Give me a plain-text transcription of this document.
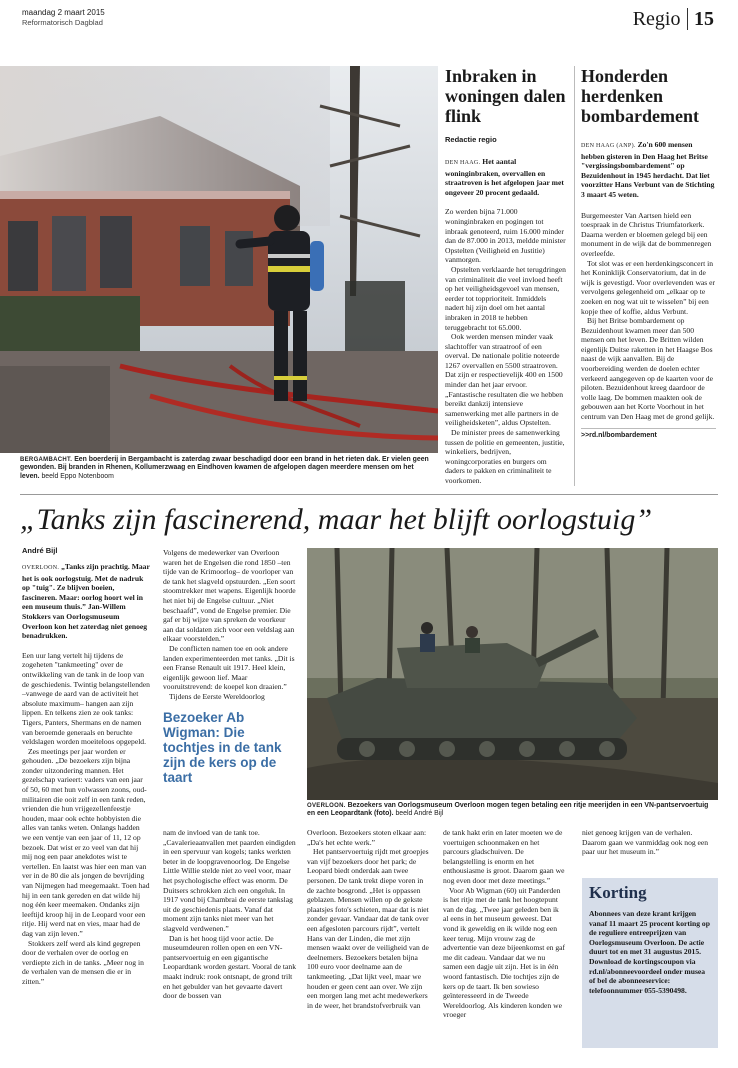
maandag 2 maart 2015
Reformatorisch Dagblad	Regio 15
BERGAMBACHT. Een boerderij in Bergambacht is zaterdag zwaar beschadigd door een brand in het rieten dak. Er vielen geen gewonden. Bij branden in Rhenen, Kollumerzwaag en Eindhoven kwamen de afgelopen dagen meerdere mensen om het leven. beeld Eppo Notenboom
Inbraken in woningen dalen flink
Redactie regio
DEN HAAG. Het aantal woninginbraken, overvallen en straatroven is het afgelopen jaar met ongeveer 20 procent gedaald.

Zo werden bijna 71.000 woninginbraken en pogingen tot inbraak genoteerd, ruim 16.000 minder dan de 87.000 in 2013, meldde minister Opstelten (Veiligheid en Justitie) vanmorgen.

Opstelten verklaarde het terugdringen van criminaliteit die veel invloed heeft op het veiligheidsgevoel van mensen, eerder tot topprioriteit. Inmiddels nadert hij zijn doel om het aantal inbraken in 2018 te hebben teruggebracht tot 65.000.

Ook werden mensen minder vaak slachtoffer van straatroof of een overval. De nationale politie noteerde 1267 overvallen en 5500 straatroven. Dat zijn er respectievelijk 400 en 1500 minder dan het jaar ervoor. „Fantastische resultaten die we hebben bereikt dankzij intensieve samenwerking met alle partners in de veiligheidsketen”, aldus Opstelten.

De minister prees de samenwerking tussen de politie en gemeenten, justitie, winkeliers, bedrijven, woningcorporaties en burgers om daders te pakken en criminaliteit te voorkomen.

Honderden herdenken bombardement
DEN HAAG (ANP). Zo'n 600 mensen hebben gisteren in Den Haag het Britse "vergissingsbombardement" op Bezuidenhout in 1945 herdacht. Dat liet voorzitter Hans Verbunt van de Stichting 3 maart 45 weten.

Burgemeester Van Aartsen hield een toespraak in de Christus Triumfatorkerk. Daarna werden er bloemen gelegd bij een monument in de wijk dat de bommenregen overleefde.

Tot slot was er een herdenkingsconcert in het Koninklijk Conservatorium, dat in de wijk is gevestigd. Voor overlevenden was er vervolgens gelegenheid om „elkaar op te zoeken en nog wat uit te wisselen” bij een kopje thee of koffie, aldus Verbunt.

Bij het Britse bombardement op Bezuidenhout kwamen meer dan 500 mensen om het leven. De Britten wilden eigenlijk Duitse raketten in het Haagse Bos naast de wijk aanvallen. Bij de voorbereiding werden de doelen echter verkeerd aangegeven op de kaarten voor de piloten. Bezuidenhout kreeg daardoor de volle laag. De bommen maakten ook de gebouwen aan het Korte Voorhout in het centrum van Den Haag met de grond gelijk.

>>rd.nl/bombardement
„Tanks zijn fascinerend, maar het blijft oorlogstuig”
André Bijl
OVERLOON. „Tanks zijn prachtig. Maar het is ook oorlogstuig. Met de nadruk op "tuig". Ze blijven boeien, fascineren. Maar: oorlog hoort wel in een museum thuis.” Jan-Willem Stokkers van Oorlogsmuseum Overloon kon het zaterdag niet genoeg benadrukken.

Een uur lang vertelt hij tijdens de zogeheten "tankmeeting" over de ontwikkeling van de tank in de loop van de geschiedenis. Twintig belangstellenden –vanwege de aard van de activiteit het absolute maximum– hangen aan zijn lippen. En telkens zien ze ook tanks: Tigers, Panters, Shermans en de namen van beroemde generaals en beruchte veldslagen worden moeiteloos opgepeld.

Zes meetings per jaar worden er gehouden. „De bezoekers zijn bijna zonder uitzondering mannen. Het gezelschap varieert: vaders van een jaar of 50, 60 met hun volwassen zoons, oud-militairen die ooit zelf in een tank reden, vrienden die hun vrijgezellenfeestje houden, maar ook echte hobbyisten die alles van tanks weten. Onlangs hadden we een ventje van een jaar of 11, 12 op bezoek. Dat wist er zo veel van dat hij mij nog een paar anekdotes wist te vertellen. En laatst was hier een man van ver in de 80 die als jongen de bevrijding van Nijmegen had meegemaakt. Toen had hij in een tank gereden en dat wilde hij nog één keer meemaken. Ondanks zijn leeftijd kroop hij in de Leopard voor een ritje. Hij werd nat en vies, maar had de dag van zijn leven.”

Stokkers zelf werd als kind gegrepen door de verhalen over de oorlog en verdiepte zich in de tanks. „Meer nog in de verhalen van de mensen die er in zitten.”

Volgens de medewerker van Overloon waren het de Engelsen die rond 1850 –ten tijde van de Krimoorlog– de voorloper van de tank het slagveld opstuurden. „Een soort stoomtrekker met wapens. Eigenlijk hoorde het niet bij de Engelse cultuur. „Niet beschaafd”, vond de Engelse premier. Die gaf er bij wijze van spreken de voorkeur aan dat soldaten zich voor een veldslag aan elkaar voorstelden.”

De conflicten namen toe en ook andere landen experimenteerden met tanks. „Dit is een Franse Renault uit 1917. Heel klein, eigenlijk gewoon lief. Maar vooruitstrevend: de koepel kon draaien.”

Tijdens de Eerste Wereldoorlog

Bezoeker Ab Wigman: Die tochtjes in de tank zijn de kers op de taart
OVERLOON. Bezoekers van Oorlogsmuseum Overloon mogen tegen betaling een ritje meerijden in een VN-pantservoertuig en een Leopardtank (foto). beeld André Bijl

nam de invloed van de tank toe. „Cavalerieaanvallen met paarden eindigden in een spervuur van kogels; tanks werkten beter in de loopgravenoorlog. De Engelse Little Willie stelde niet zo veel voor, maar het psychologische effect was enorm. De Duitsers schrokken zich een ongeluk. In 1917 vond bij Chambrai de eerste tankslag uit de geschiedenis plaats. Vanaf dat moment zijn tanks niet meer van het slagveld verdwenen.”

Dan is het hoog tijd voor actie. De museumdeuren rollen open en een VN-pantservoertuig en een gigantische Leopardtank worden gestart. Vooral de tank maakt indruk: rook ontsnapt, de grond trilt en het gebulder van het gevaarte davert door de bossen van

Overloon. Bezoekers stoten elkaar aan: „Da's het echte werk.”

Het pantservoertuig rijdt met groepjes van vijf bezoekers door het park; de Leopard biedt onderdak aan twee personen. De tank trekt diepe voren in de zachte bosgrond. „Het is oppassen geblazen. Mensen willen op de gekste plaatsjes foto's schieten, maar dat is niet zonder gevaar. Vandaar dat de tank over een afgesloten parcours rijdt”, vertelt Hans van der Linden, die met zijn mensen waakt over de veiligheid van de deelnemers. Bezoekers betalen bijna 100 euro voor deelname aan de tankmeeting. „Dat lijkt veel, maar we houden er geen cent aan over. We zijn een morgen lang met acht medewerkers in de weer, het brandstofverbruik van

de tank hakt erin en later moeten we de voertuigen schoonmaken en het parcours gladschuiven. De belangstelling is enorm en het enthousiasme is groot. Daarom gaan we nog even door met deze meetings.”

Voor Ab Wigman (60) uit Panderden is het ritje met de tank het hoogtepunt van de dag. „Twee jaar geleden ben ik al eens in het museum geweest. Dat vond ik geweldig en ik wilde nog een keer terug. Mijn vrouw zag de advertentie van deze bijeenkomst en gaf me dit cadeau. Vandaar dat we nu samen een dagje uit zijn. Het is in één woord fantastisch. Die tochtjes zijn de kers op de taart. Ik ben sowieso geïnteresseerd in de Tweede Wereldoorlog. Als kinderen konden we vroeger

niet genoeg krijgen van de verhalen. Daarom gaan we vanmiddag ook nog een paar uur het museum in.”

Korting
Abonnees van deze krant krijgen vanaf 11 maart 25 procent korting op de reguliere entreeprijzen van Oorlogsmuseum Overloon. De actie duurt tot en met 31 augustus 2015. Download de kortingscoupon via rd.nl/abonneevoordeel onder musea of bel de abonneeservice: telefoonnummer 055-5390498.
